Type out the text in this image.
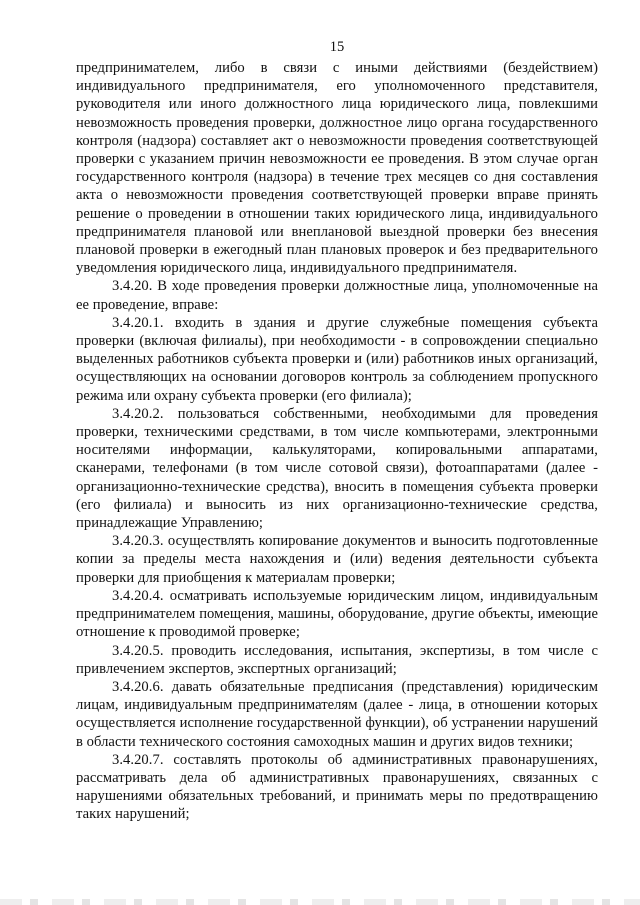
15

предпринимателем, либо в связи с иными действиями (бездействием) индивидуального предпринимателя, его уполномоченного представителя, руководителя или иного должностного лица юридического лица, повлекшими невозможность проведения проверки, должностное лицо органа государственного контроля (надзора) составляет акт о невозможности проведения соответствующей проверки с указанием причин невозможности ее проведения. В этом случае орган государственного контроля (надзора) в течение трех месяцев со дня составления акта о невозможности проведения соответствующей проверки вправе принять решение о проведении в отношении таких юридического лица, индивидуального предпринимателя плановой или внеплановой выездной проверки без внесения плановой проверки в ежегодный план плановых проверок и без предварительного уведомления юридического лица, индивидуального предпринимателя.

3.4.20. В ходе проведения проверки должностные лица, уполномоченные на ее проведение, вправе:

3.4.20.1. входить в здания и другие служебные помещения субъекта проверки (включая филиалы), при необходимости - в сопровождении специально выделенных работников субъекта проверки и (или) работников иных организаций, осуществляющих на основании договоров контроль за соблюдением пропускного режима или охрану субъекта проверки (его филиала);

3.4.20.2. пользоваться собственными, необходимыми для проведения проверки, техническими средствами, в том числе компьютерами, электронными носителями информации, калькуляторами, копировальными аппаратами, сканерами, телефонами (в том числе сотовой связи), фотоаппаратами (далее - организационно-технические средства), вносить в помещения субъекта проверки (его филиала) и выносить из них организационно-технические средства, принадлежащие Управлению;

3.4.20.3. осуществлять копирование документов и выносить подготовленные копии за пределы места нахождения и (или) ведения деятельности субъекта проверки для приобщения к материалам проверки;

3.4.20.4. осматривать используемые юридическим лицом, индивидуальным предпринимателем помещения, машины, оборудование, другие объекты, имеющие отношение к проводимой проверке;

3.4.20.5. проводить исследования, испытания, экспертизы, в том числе с привлечением экспертов, экспертных организаций;

3.4.20.6. давать обязательные предписания (представления) юридическим лицам, индивидуальным предпринимателям (далее - лица, в отношении которых осуществляется исполнение государственной функции), об устранении нарушений в области технического состояния самоходных машин и других видов техники;

3.4.20.7. составлять протоколы об административных правонарушениях, рассматривать дела об административных правонарушениях, связанных с нарушениями обязательных требований, и принимать меры по предотвращению таких нарушений;
